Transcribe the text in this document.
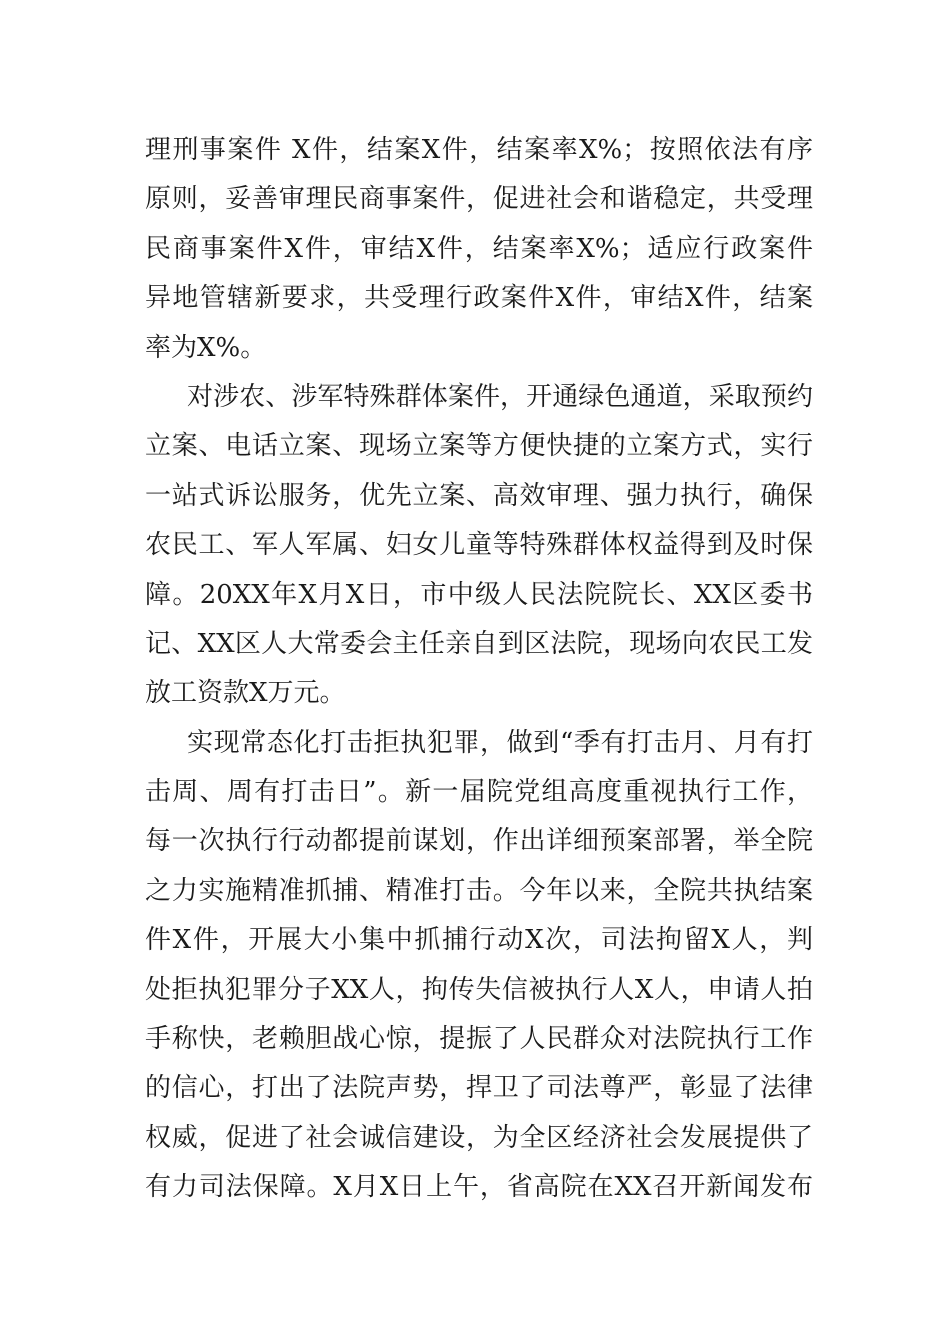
理刑事案件 X件，结案X件，结案率X%；按照依法有序
原则，妥善审理民商事案件，促进社会和谐稳定，共受理
民商事案件X件，审结X件，结案率X%；适应行政案件
异地管辖新要求，共受理行政案件X件，审结X件，结案
率为X%。
对涉农、涉军特殊群体案件，开通绿色通道，采取预约
立案、电话立案、现场立案等方便快捷的立案方式，实行
一站式诉讼服务，优先立案、高效审理、强力执行，确保
农民工、军人军属、妇女儿童等特殊群体权益得到及时保
障。20XX年X月X日，市中级人民法院院长、XX区委书
记、XX区人大常委会主任亲自到区法院，现场向农民工发
放工资款X万元。
实现常态化打击拒执犯罪，做到“季有打击月、月有打
击周、周有打击日”。新一届院党组高度重视执行工作，
每一次执行行动都提前谋划，作出详细预案部署，举全院
之力实施精准抓捕、精准打击。今年以来，全院共执结案
件X件，开展大小集中抓捕行动X次，司法拘留X人，判
处拒执犯罪分子XX人，拘传失信被执行人X人，申请人拍
手称快，老赖胆战心惊，提振了人民群众对法院执行工作
的信心，打出了法院声势，捍卫了司法尊严，彰显了法律
权威，促进了社会诚信建设，为全区经济社会发展提供了
有力司法保障。X月X日上午，省高院在XX召开新闻发布
